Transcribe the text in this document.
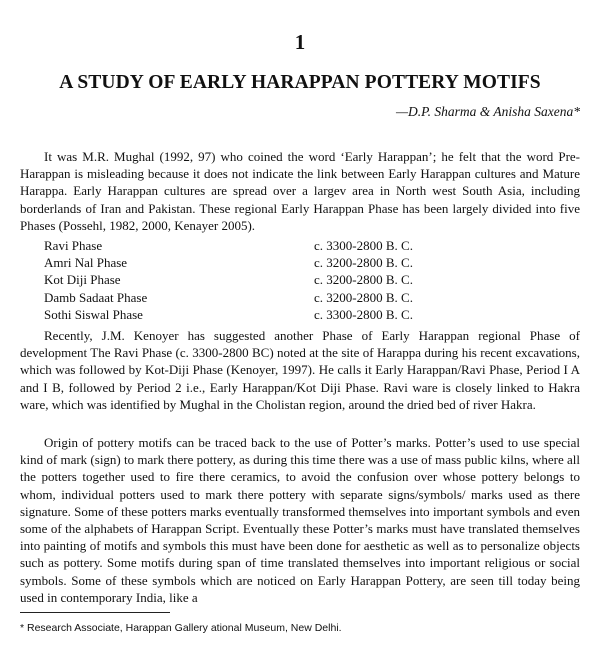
1
A STUDY OF EARLY HARAPPAN POTTERY MOTIFS
—D.P. Sharma & Anisha Saxena*

It was M.R. Mughal (1992, 97) who coined the word ‘Early Harappan’; he felt that the word Pre-Harappan is misleading because it does not indicate the link between Early Harappan cultures and Mature Harappa. Early Harappan cultures are spread over a largev area in North west South Asia, including borderlands of Iran and Pakistan. These regional Early Harappan Phase has been largely divided into five Phases (Possehl, 1982, 2000, Kenayer 2005).

Ravi Phase	c. 3300-2800 B. C.
Amri Nal Phase	c. 3200-2800 B. C.
Kot Diji Phase	c. 3200-2800 B. C.
Damb Sadaat Phase	c. 3200-2800 B. C.
Sothi Siswal Phase	c. 3300-2800 B. C.

Recently, J.M. Kenoyer has suggested another Phase of Early Harappan regional Phase of development The Ravi Phase (c. 3300-2800 BC) noted at the site of Harappa during his recent excavations, which was followed by Kot-Diji Phase (Kenoyer, 1997). He calls it Early Harappan/Ravi Phase, Period I A and I B, followed by Period 2 i.e., Early Harappan/Kot Diji Phase. Ravi ware is closely linked to Hakra ware, which was identified by Mughal in the Cholistan region, around the dried bed of river Hakra.

Origin of pottery motifs can be traced back to the use of Potter’s marks. Potter’s used to use special kind of mark (sign) to mark there pottery, as during this time there was a use of mass public kilns, where all the potters together used to fire there ceramics, to avoid the confusion over whose pottery belongs to whom, individual potters used to mark there pottery with separate signs/symbols/ marks used as there signature. Some of these potters marks eventually transformed themselves into important symbols and even some of the alphabets of Harappan Script. Eventually these Potter’s marks must have translated themselves into painting of motifs and symbols this must have been done for aesthetic as well as to personalize objects such as pottery. Some motifs during span of time translated themselves into important religious or social symbols. Some of these symbols which are noticed on Early Harappan Pottery, are seen till today being used in contemporary India, like a

* Research Associate, Harappan Gallery ational Museum, New Delhi.
